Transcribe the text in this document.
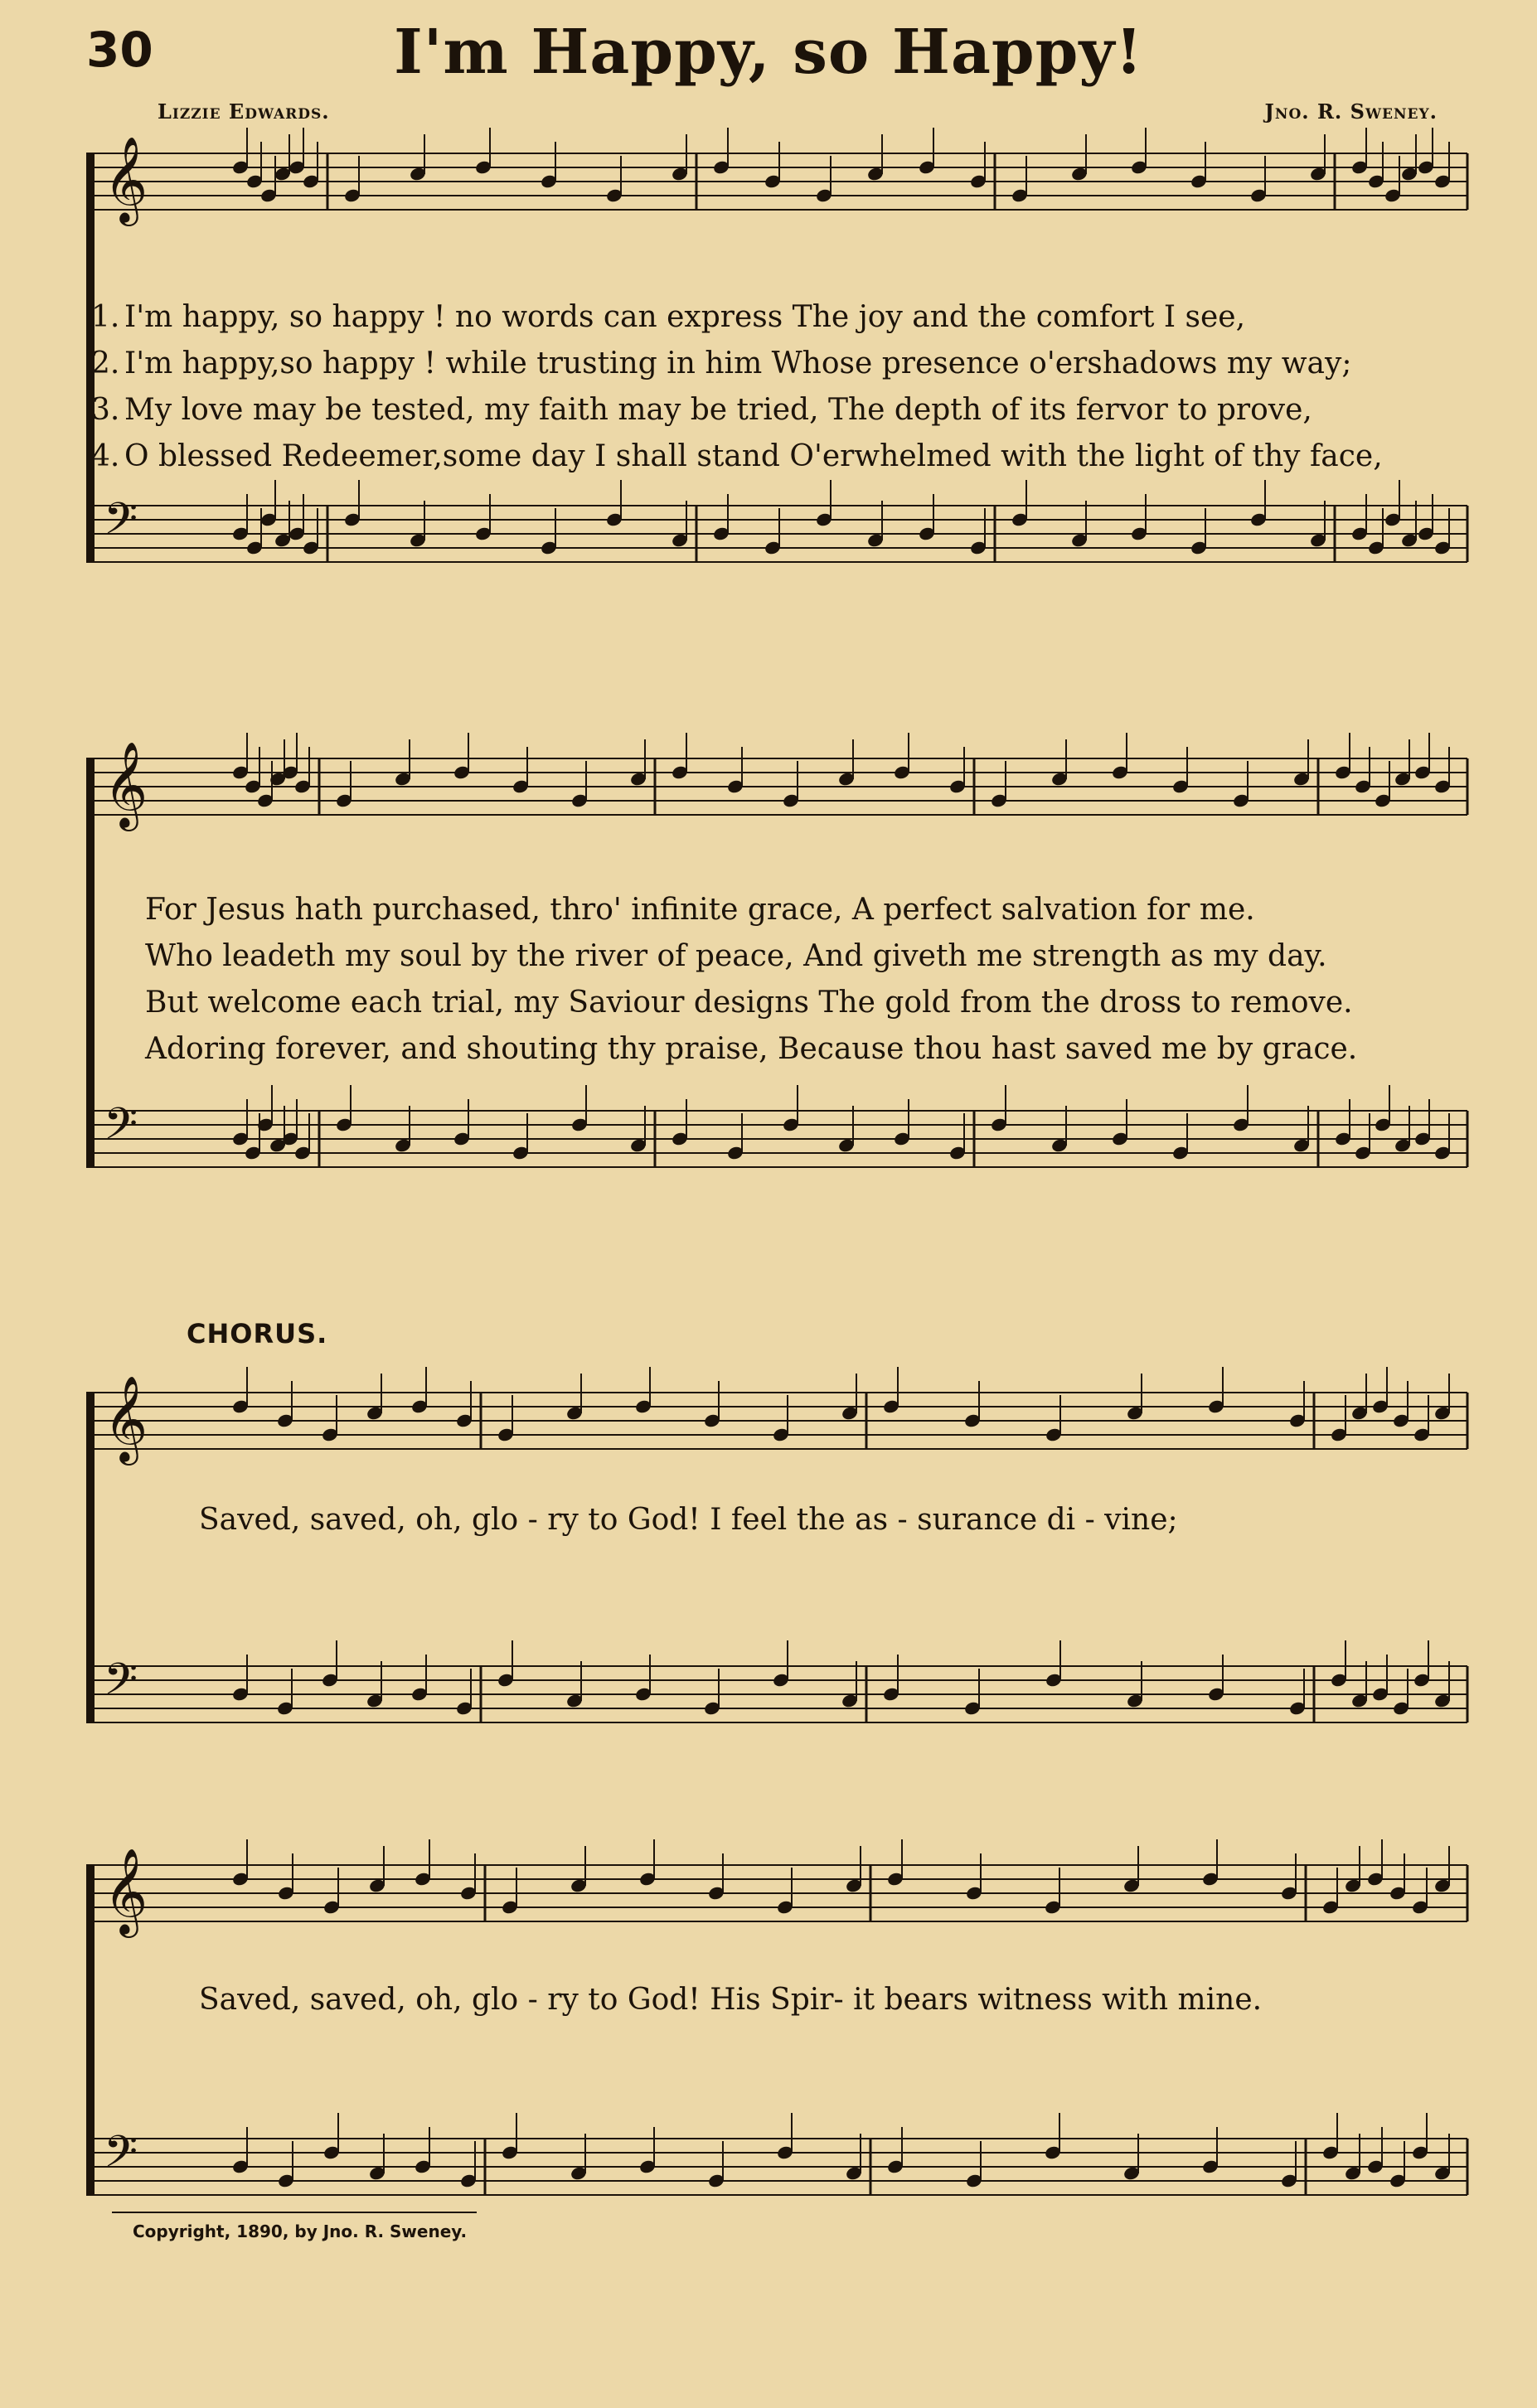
30	I'm Happy, so Happy!
Lizzie Edwards.	Jno. R. Sweney.
𝄞
𝄢
1. I'm happy, so happy ! no words can express The joy and the comfort I see,
2. I'm happy,so happy ! while trusting in him Whose presence o'ershadows my way;
3. My love may be tested, my faith may be tried, The depth of its fervor to prove,
4. O blessed Redeemer,some day I shall stand O'erwhelmed with the light of thy face,
𝄞
𝄢
For Jesus hath purchased, thro' infinite grace, A perfect salvation for me.
Who leadeth my soul by the river of peace, And giveth me strength as my day.
But welcome each trial, my Saviour designs The gold from the dross to remove.
Adoring forever, and shouting thy praise, Because thou hast saved me by grace.
CHORUS.
𝄞
𝄢
Saved, saved, oh, glo - ry to God! I feel the as - surance di - vine;
𝄞
𝄢
Saved, saved, oh, glo - ry to God! His Spir- it bears witness with mine.
Copyright, 1890, by Jno. R. Sweney.
